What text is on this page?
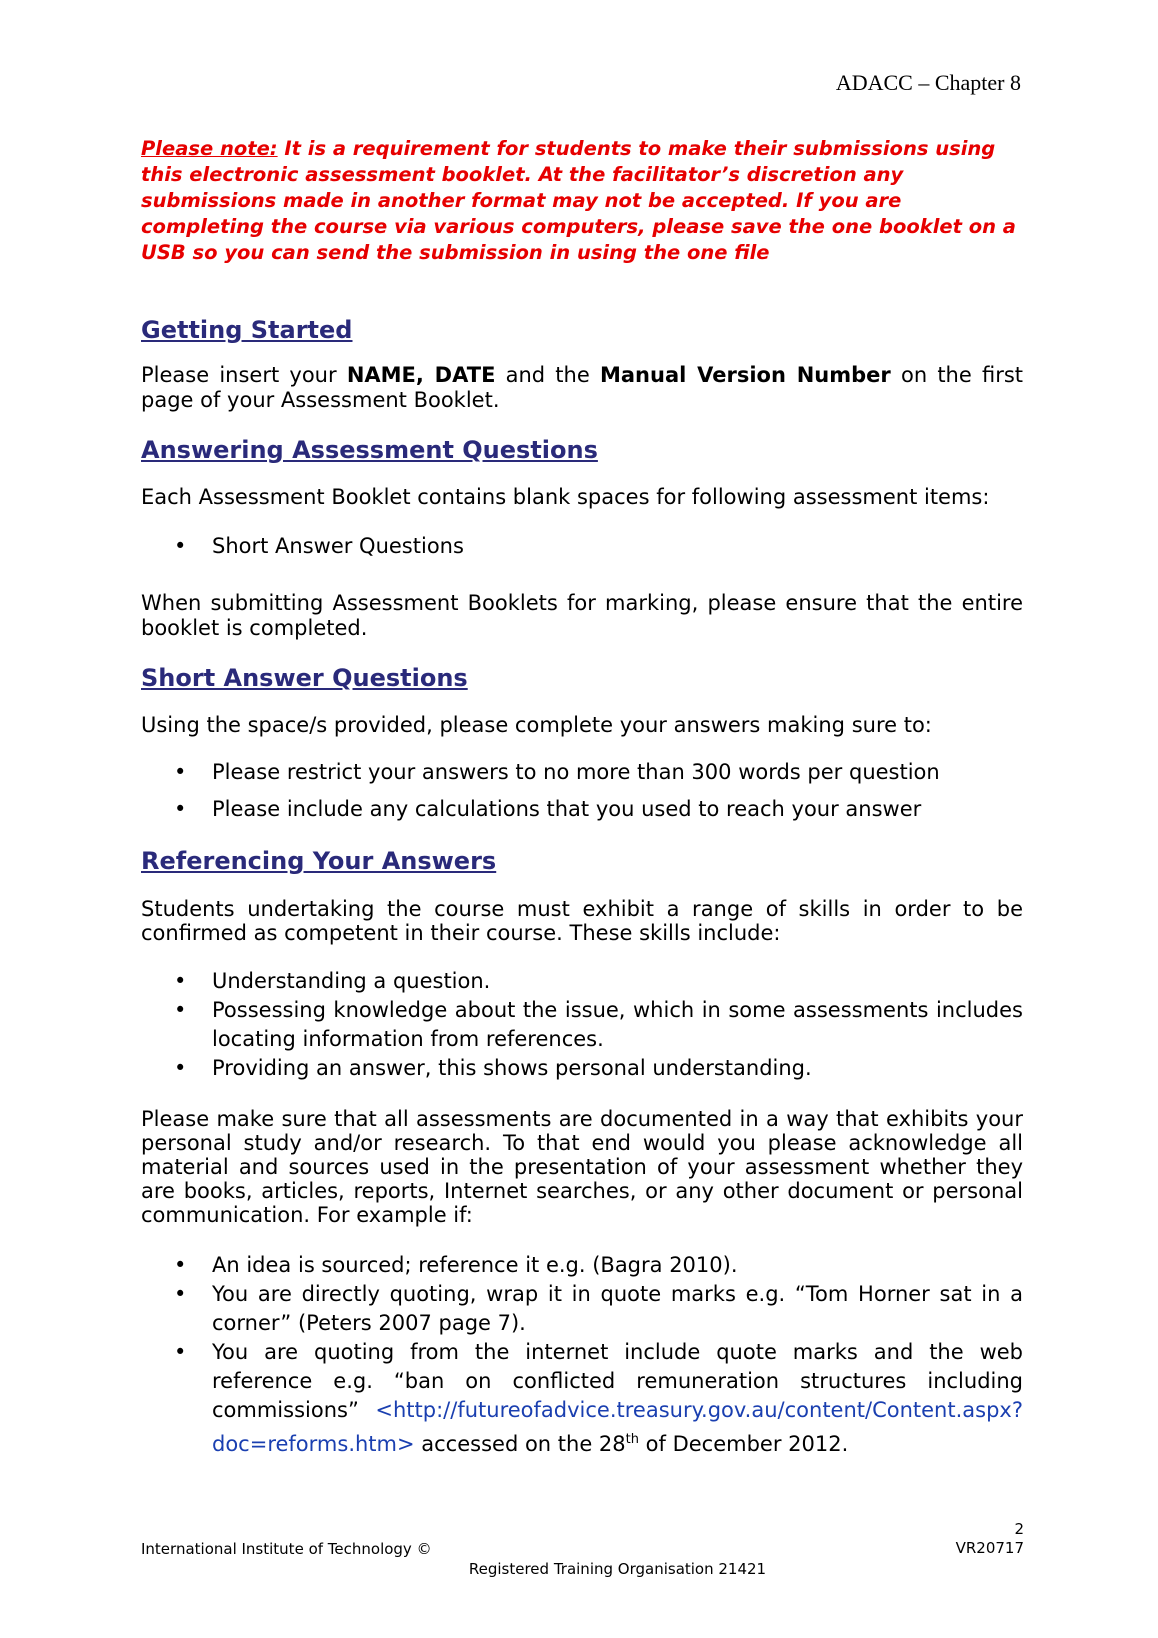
ADACC – Chapter 8

Please note: It is a requirement for students to make their submissions using this electronic assessment booklet. At the facilitator’s discretion any submissions made in another format may not be accepted. If you are completing the course via various computers, please save the one booklet on a USB so you can send the submission in using the one file

Getting Started

Please insert your NAME, DATE and the Manual Version Number on the first page of your Assessment Booklet.

Answering Assessment Questions

Each Assessment Booklet contains blank spaces for following assessment items:

• Short Answer Questions

When submitting Assessment Booklets for marking, please ensure that the entire booklet is completed.

Short Answer Questions

Using the space/s provided, please complete your answers making sure to:

• Please restrict your answers to no more than 300 words per question
• Please include any calculations that you used to reach your answer
Referencing Your Answers

Students undertaking the course must exhibit a range of skills in order to be confirmed as competent in their course. These skills include:

• Understanding a question.
• Possessing knowledge about the issue, which in some assessments includes locating information from references.
• Providing an answer, this shows personal understanding.

Please make sure that all assessments are documented in a way that exhibits your personal study and/or research. To that end would you please acknowledge all material and sources used in the presentation of your assessment whether they are books, articles, reports, Internet searches, or any other document or personal communication. For example if:

• An idea is sourced; reference it e.g. (Bagra 2010).
• You are directly quoting, wrap it in quote marks e.g. “Tom Horner sat in a corner” (Peters 2007 page 7).
• You are quoting from the internet include quote marks and the web reference e.g. “ban on conflicted remuneration structures including commissions” <http://futureofadvice.treasury.gov.au/content/Content.aspx?doc=reforms.htm> accessed on the 28th of December 2012.
International Institute of Technology ©
2
VR20717
Registered Training Organisation 21421
